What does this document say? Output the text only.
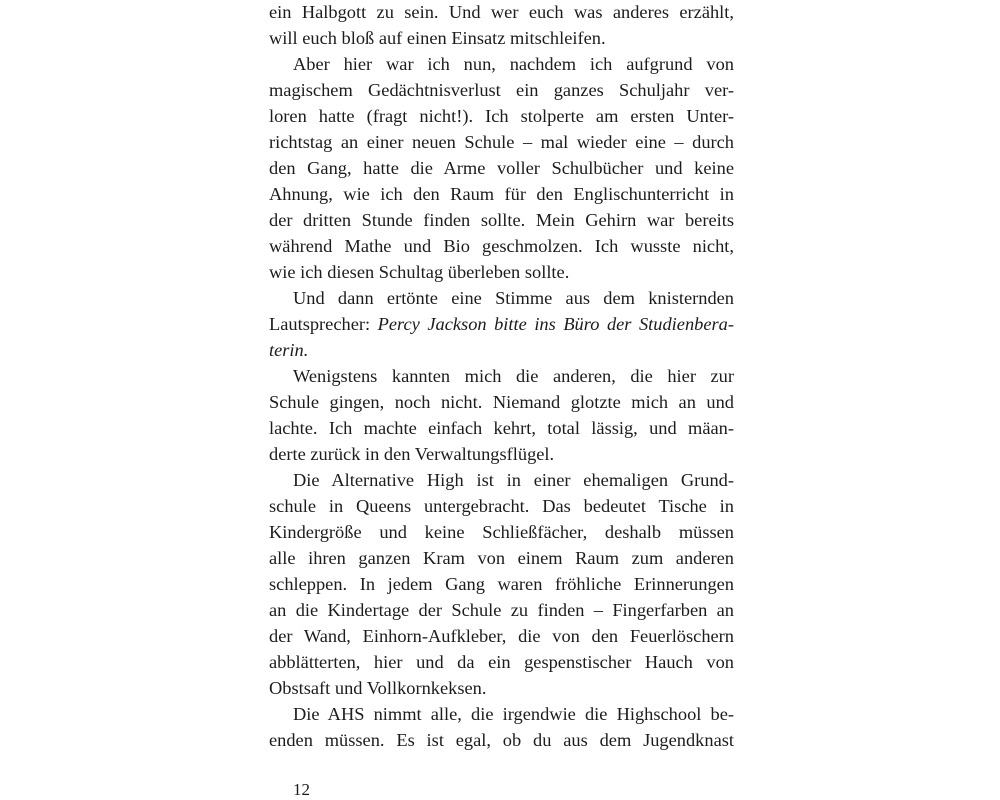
ein Halbgott zu sein. Und wer euch was anderes erzählt,
will euch bloß auf einen Einsatz mitschleifen.
Aber hier war ich nun, nachdem ich aufgrund von
magischem Gedächtnisverlust ein ganzes Schuljahr ver-
loren hatte (fragt nicht!). Ich stolperte am ersten Unter-
richtstag an einer neuen Schule – mal wieder eine – durch
den Gang, hatte die Arme voller Schulbücher und keine
Ahnung, wie ich den Raum für den Englischunterricht in
der dritten Stunde finden sollte. Mein Gehirn war bereits
während Mathe und Bio geschmolzen. Ich wusste nicht,
wie ich diesen Schultag überleben sollte.
Und dann ertönte eine Stimme aus dem knisternden
Lautsprecher: Percy Jackson bitte ins Büro der Studienbera-
terin.
Wenigstens kannten mich die anderen, die hier zur
Schule gingen, noch nicht. Niemand glotzte mich an und
lachte. Ich machte einfach kehrt, total lässig, und mäan-
derte zurück in den Verwaltungsflügel.
Die Alternative High ist in einer ehemaligen Grund-
schule in Queens untergebracht. Das bedeutet Tische in
Kindergröße und keine Schließfächer, deshalb müssen
alle ihren ganzen Kram von einem Raum zum anderen
schleppen. In jedem Gang waren fröhliche Erinnerungen
an die Kindertage der Schule zu finden – Fingerfarben an
der Wand, Einhorn-Aufkleber, die von den Feuerlöschern
abblätterten, hier und da ein gespenstischer Hauch von
Obstsaft und Vollkornkeksen.
Die AHS nimmt alle, die irgendwie die Highschool be-
enden müssen. Es ist egal, ob du aus dem Jugendknast
12
